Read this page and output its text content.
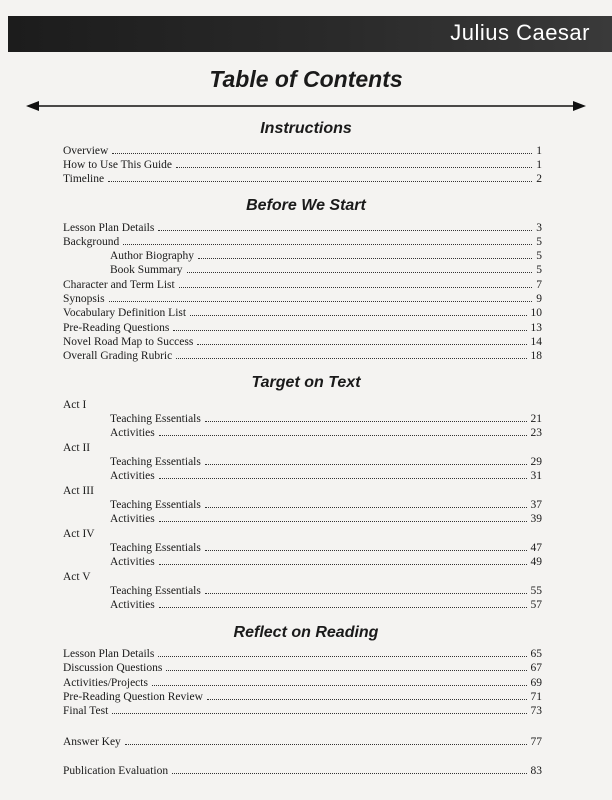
Julius Caesar
Table of Contents
Instructions
Overview	1
How to Use This Guide	1
Timeline	2
Before We Start
Lesson Plan Details	3
Background	5
Author Biography	5
Book Summary	5
Character and Term List	7
Synopsis	9
Vocabulary Definition List	10
Pre-Reading Questions	13
Novel Road Map to Success	14
Overall Grading Rubric	18
Target on Text
Act I
Teaching Essentials	21
Activities	23
Act II
Teaching Essentials	29
Activities	31
Act III
Teaching Essentials	37
Activities	39
Act IV
Teaching Essentials	47
Activities	49
Act V
Teaching Essentials	55
Activities	57
Reflect on Reading
Lesson Plan Details	65
Discussion Questions	67
Activities/Projects	69
Pre-Reading Question Review	71
Final Test	73
Answer Key	77
Publication Evaluation	83
